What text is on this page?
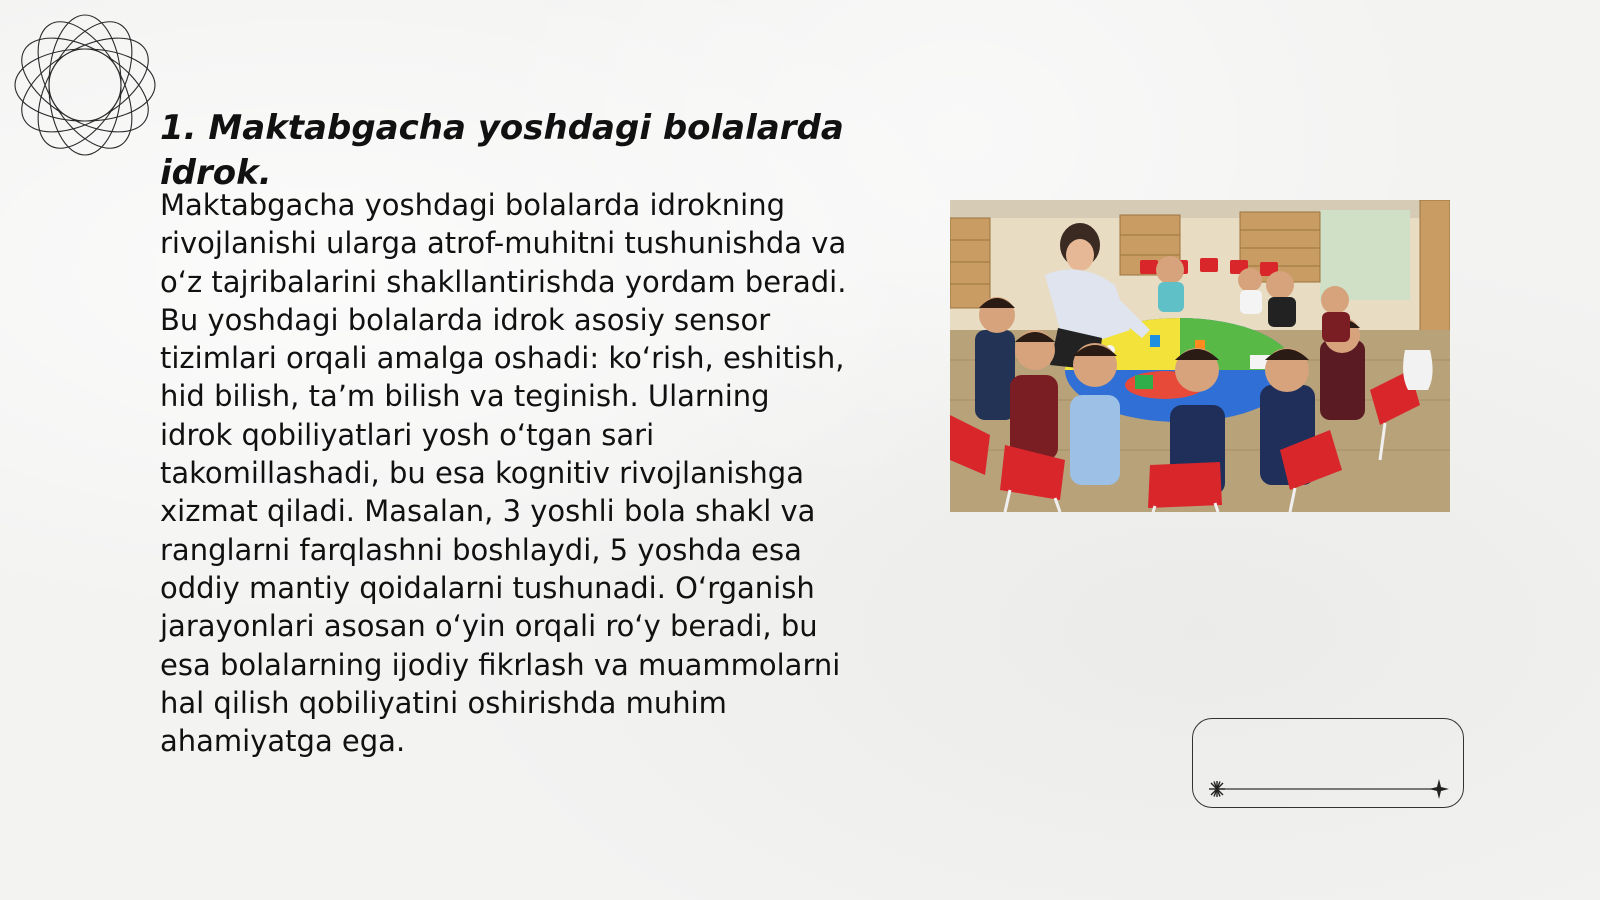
1. Maktabgacha yoshdagi bolalarda idrok.

Maktabgacha yoshdagi bolalarda idrokning rivojlanishi ularga atrof-muhitni tushunishda va o‘z tajribalarini shakllantirishda yordam beradi. Bu yoshdagi bolalarda idrok asosiy sensor tizimlari orqali amalga oshadi: ko‘rish, eshitish, hid bilish, ta’m bilish va teginish. Ularning idrok qobiliyatlari yosh o‘tgan sari takomillashadi, bu esa kognitiv rivojlanishga xizmat qiladi. Masalan, 3 yoshli bola shakl va ranglarni farqlashni boshlaydi, 5 yoshda esa oddiy mantiy qoidalarni tushunadi. O‘rganish jarayonlari asosan o‘yin orqali ro‘y beradi, bu esa bolalarning ijodiy fikrlash va muammolarni hal qilish qobiliyatini oshirishda muhim ahamiyatga ega.
